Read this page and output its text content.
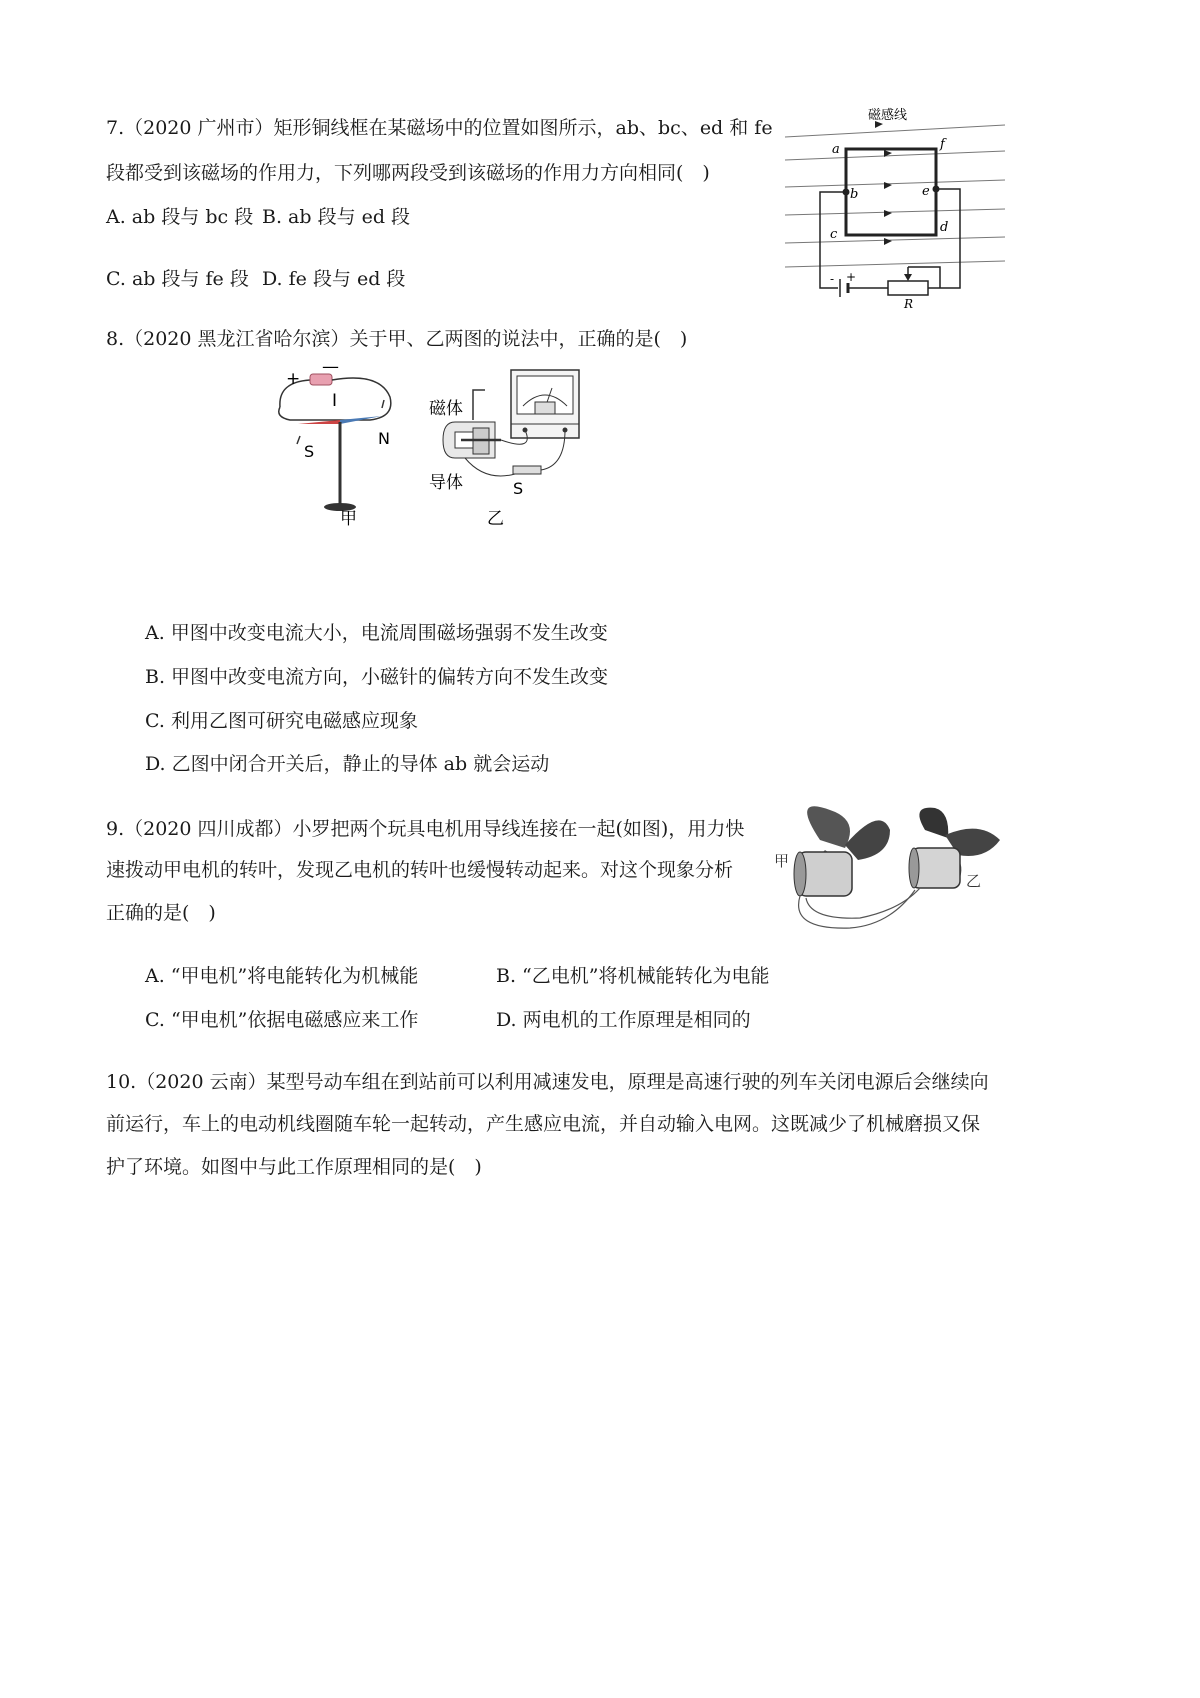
7.（2020 广州市）矩形铜线框在某磁场中的位置如图所示，ab、bc、ed 和 fe
段都受到该磁场的作用力，下列哪两段受到该磁场的作用力方向相同(　)
A. ab 段与 bc 段 B. ab 段与 ed 段
C. ab 段与 fe 段 D. fe 段与 ed 段
磁感线
a
b
c	d
e
f
- +
R
8.（2020 黑龙江省哈尔滨）关于甲、乙两图的说法中，正确的是(　)
+
—
I
S
N
甲
磁体
导体	S
乙
A. 甲图中改变电流大小，电流周围磁场强弱不发生改变
B. 甲图中改变电流方向，小磁针的偏转方向不发生改变
C. 利用乙图可研究电磁感应现象
D. 乙图中闭合开关后，静止的导体 ab 就会运动
9.（2020 四川成都）小罗把两个玩具电机用导线连接在一起(如图)，用力快
速拨动甲电机的转叶，发现乙电机的转叶也缓慢转动起来。对这个现象分析
正确的是(　)
甲
乙
A. “甲电机”将电能转化为机械能	B. “乙电机”将机械能转化为电能
C. “甲电机”依据电磁感应来工作	D. 两电机的工作原理是相同的
10.（2020 云南）某型号动车组在到站前可以利用减速发电，原理是高速行驶的列车关闭电源后会继续向
前运行，车上的电动机线圈随车轮一起转动，产生感应电流，并自动输入电网。这既减少了机械磨损又保
护了环境。如图中与此工作原理相同的是(　)
